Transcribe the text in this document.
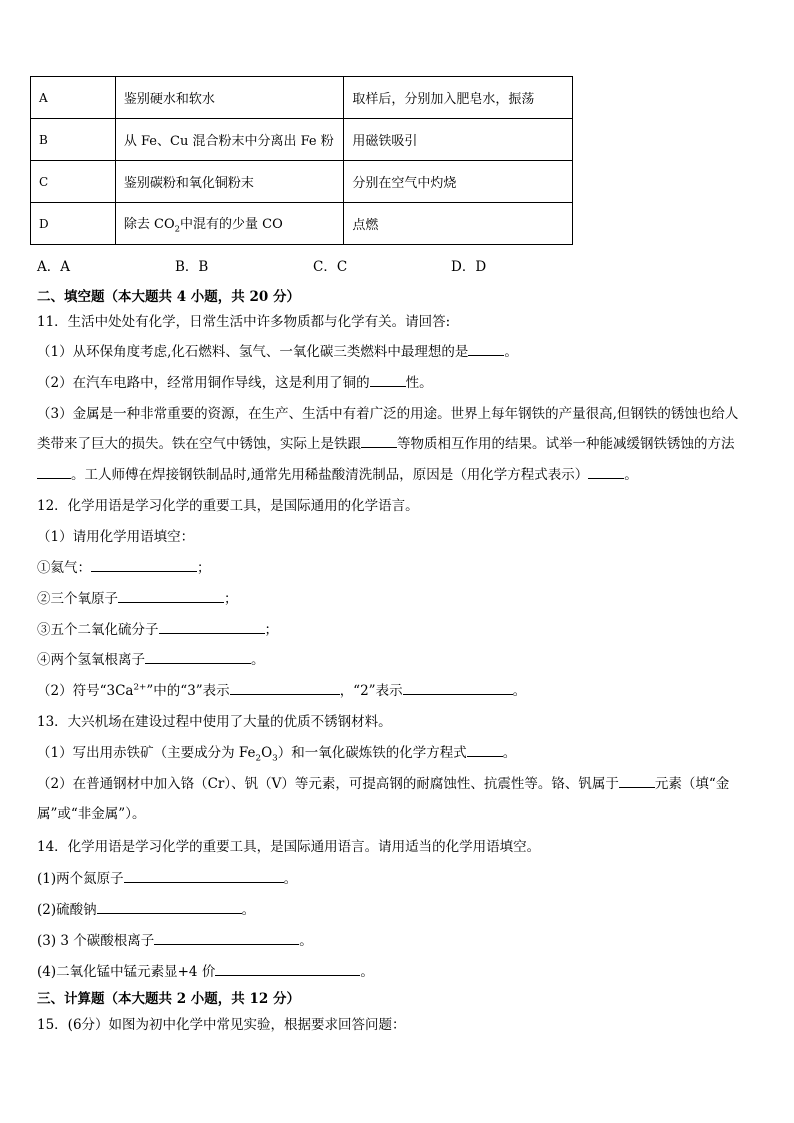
A	鉴别硬水和软水	取样后，分别加入肥皂水，振荡
B	从 Fe、Cu 混合粉末中分离出 Fe 粉	用磁铁吸引
C	鉴别碳粉和氧化铜粉末	分别在空气中灼烧
D	除去 $CO_2$中混有的少量 CO	点燃
A．A	B．B	C．C	D．D
二、填空题（本大题共 4 小题，共 20 分）
11．生活中处处有化学，日常生活中许多物质都与化学有关。请回答:
（1）从环保角度考虑,化石燃料、氢气、一氧化碳三类燃料中最理想的是	。
（2）在汽车电路中，经常用铜作导线，这是利用了铜的	性。
（3）金属是一种非常重要的资源，在生产、生活中有着广泛的用途。世界上每年钢铁的产量很高,但钢铁的锈蚀也给人
类带来了巨大的损失。铁在空气中锈蚀，实际上是铁跟	等物质相互作用的结果。试举一种能减缓钢铁锈蚀的方法
。工人师傅在焊接钢铁制品时,通常先用稀盐酸清洗制品，原因是（用化学方程式表示）	。
12．化学用语是学习化学的重要工具，是国际通用的化学语言。
（1）请用化学用语填空：
①氦气：	；
②三个氧原子	；
③五个二氧化硫分子	；
④两个氢氧根离子	。
（2）符号“$3Ca^{2+}$”中的“3”表示	，“2”表示	。
13．大兴机场在建设过程中使用了大量的优质不锈钢材料。
（1）写出用赤铁矿（主要成分为 $Fe_2O_3$）和一氧化碳炼铁的化学方程式	。
（2）在普通钢材中加入铬（Cr）、钒（V）等元素，可提高钢的耐腐蚀性、抗震性等。铬、钒属于	元素（填“金
属”或“非金属”）。
14．化学用语是学习化学的重要工具，是国际通用语言。请用适当的化学用语填空。
(1)两个氮原子	。
(2)硫酸钠	。
(3) 3 个碳酸根离子	。
(4)二氧化锰中锰元素显+4 价	。
三、计算题（本大题共 2 小题，共 12 分）
15．(6分）如图为初中化学中常见实验，根据要求回答问题：
